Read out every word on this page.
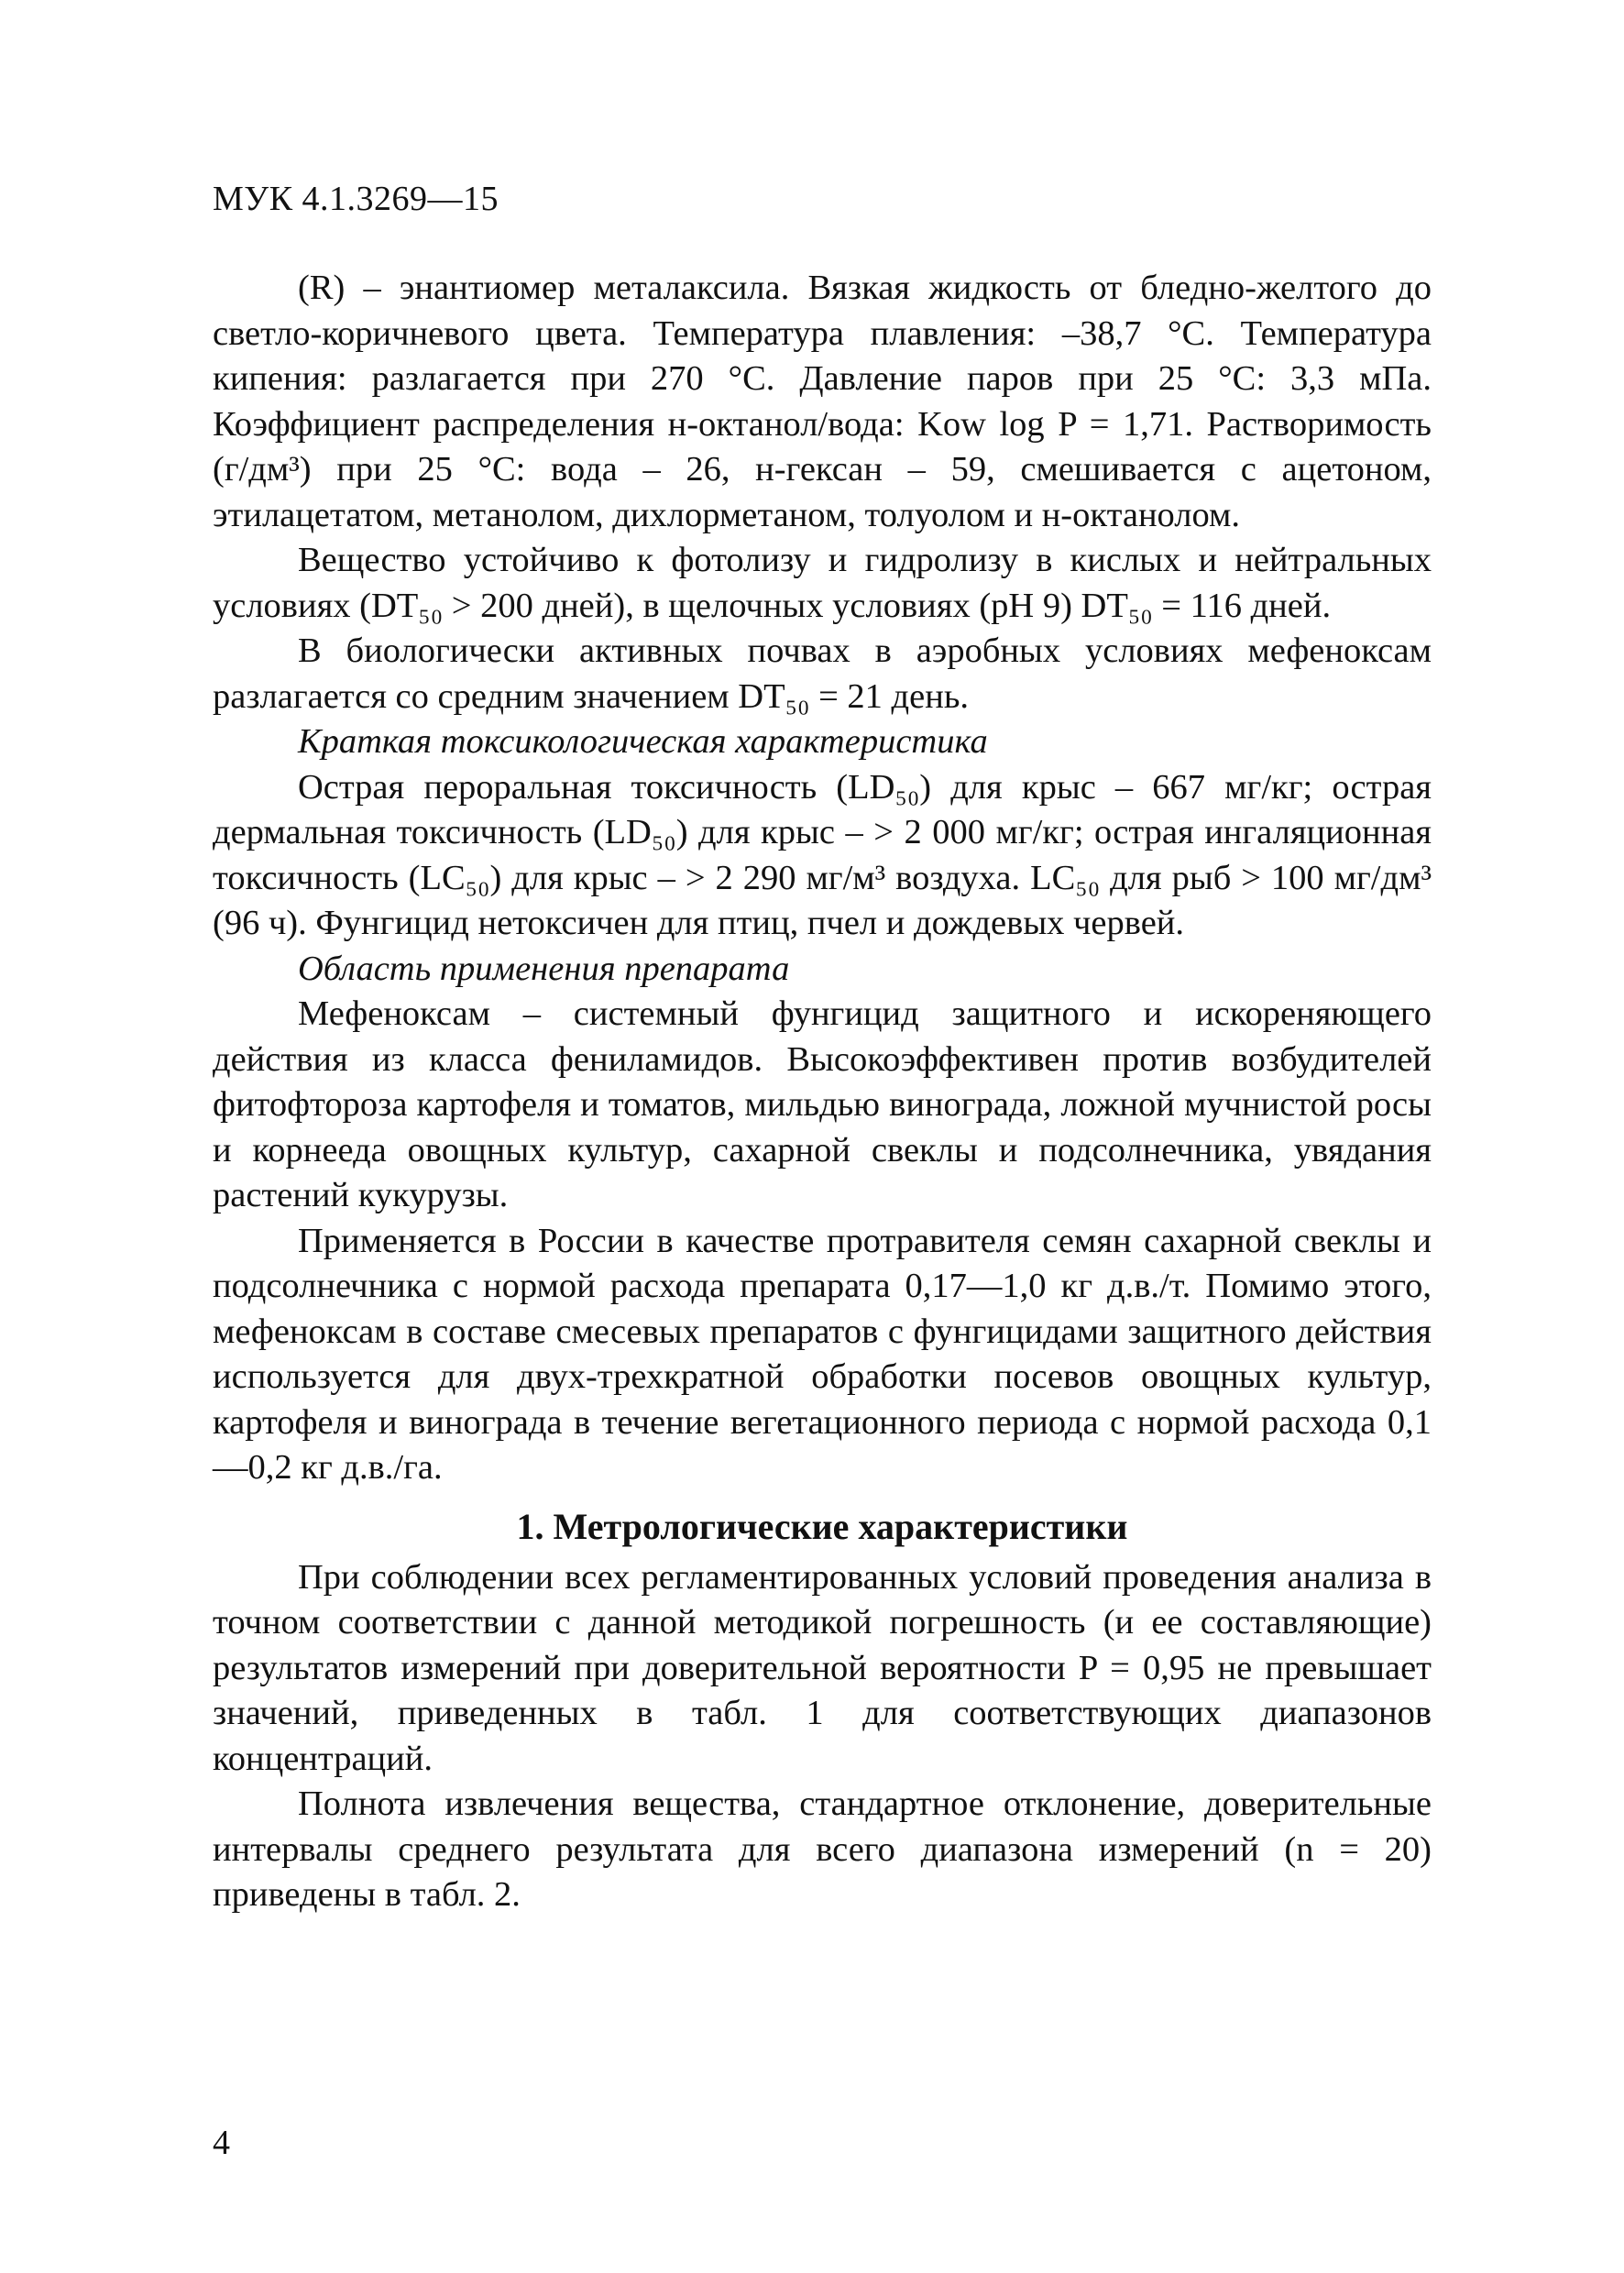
МУК 4.1.3269—15

(R) – энантиомер металаксила. Вязкая жидкость от бледно-желтого до светло-коричневого цвета. Температура плавления: –38,7 °С. Температура кипения: разлагается при 270 °С. Давление паров при 25 °С: 3,3 мПа. Коэффициент распределения н-октанол/вода: Kow log P = 1,71. Растворимость (г/дм³) при 25 °С: вода – 26, н-гексан – 59, смешивается с ацетоном, этилацетатом, метанолом, дихлорметаном, толуолом и н-октанолом.

Вещество устойчиво к фотолизу и гидролизу в кислых и нейтральных условиях (DT₅₀ > 200 дней), в щелочных условиях (pH 9) DT₅₀ = 116 дней.

В биологически активных почвах в аэробных условиях мефеноксам разлагается со средним значением DT₅₀ = 21 день.

Краткая токсикологическая характеристика

Острая пероральная токсичность (LD₅₀) для крыс – 667 мг/кг; острая дермальная токсичность (LD₅₀) для крыс – > 2 000 мг/кг; острая ингаляционная токсичность (LC₅₀) для крыс – > 2 290 мг/м³ воздуха. LC₅₀ для рыб > 100 мг/дм³ (96 ч). Фунгицид нетоксичен для птиц, пчел и дождевых червей.

Область применения препарата

Мефеноксам – системный фунгицид защитного и искореняющего действия из класса фениламидов. Высокоэффективен против возбудителей фитофтороза картофеля и томатов, мильдью винограда, ложной мучнистой росы и корнееда овощных культур, сахарной свеклы и подсолнечника, увядания растений кукурузы.

Применяется в России в качестве протравителя семян сахарной свеклы и подсолнечника с нормой расхода препарата 0,17—1,0 кг д.в./т. Помимо этого, мефеноксам в составе смесевых препаратов с фунгицидами защитного действия используется для двух-трехкратной обработки посевов овощных культур, картофеля и винограда в течение вегетационного периода с нормой расхода 0,1—0,2 кг д.в./га.

1. Метрологические характеристики

При соблюдении всех регламентированных условий проведения анализа в точном соответствии с данной методикой погрешность (и ее составляющие) результатов измерений при доверительной вероятности P = 0,95 не превышает значений, приведенных в табл. 1 для соответствующих диапазонов концентраций.

Полнота извлечения вещества, стандартное отклонение, доверительные интервалы среднего результата для всего диапазона измерений (n = 20) приведены в табл. 2.

4
